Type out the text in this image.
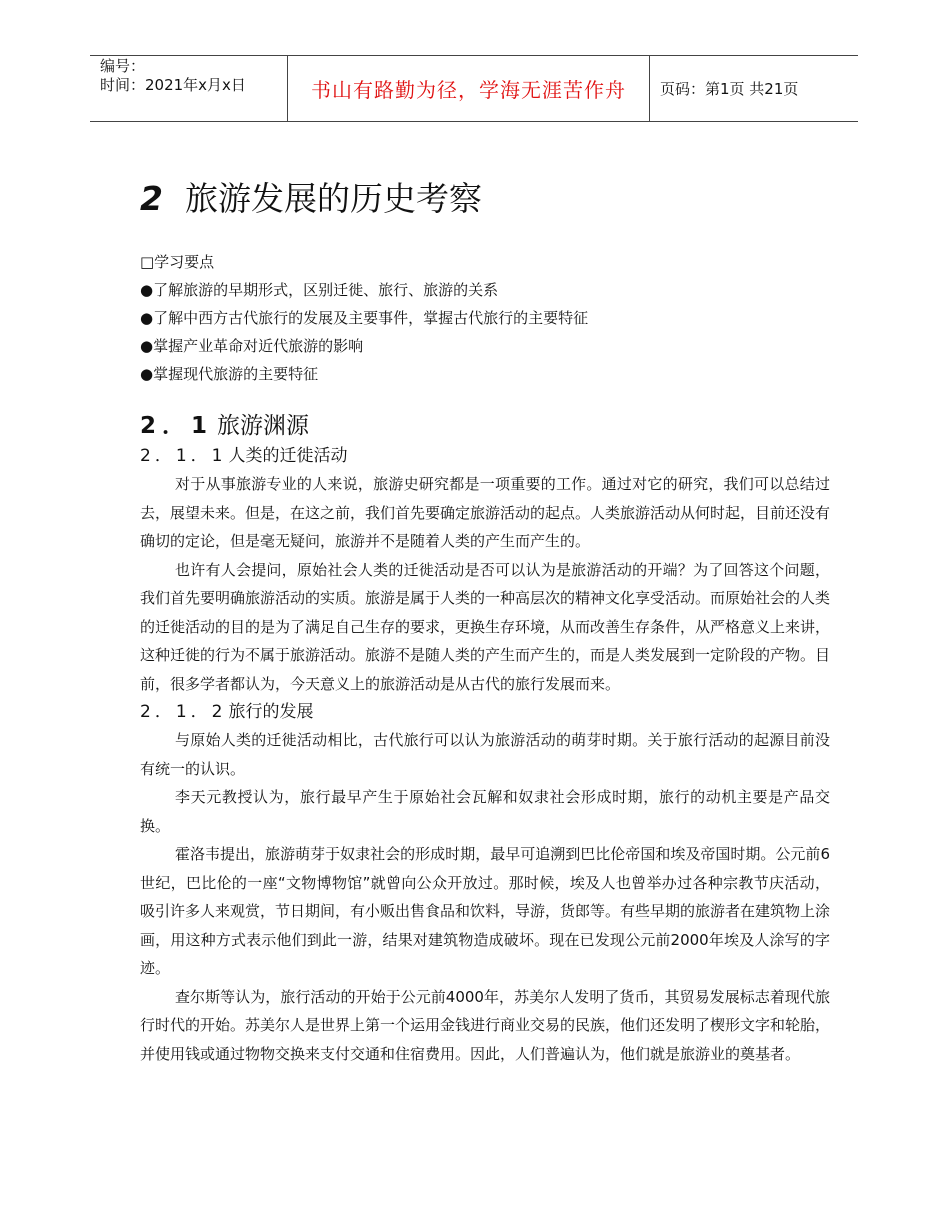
编号：
时间：2021年x月x日	书山有路勤为径，学海无涯苦作舟 页码：第1页 共21页
2 旅游发展的历史考察
□学习要点
●了解旅游的早期形式，区别迁徙、旅行、旅游的关系
●了解中西方古代旅行的发展及主要事件，掌握古代旅行的主要特征
●掌握产业革命对近代旅游的影响
●掌握现代旅游的主要特征
2．1 旅游渊源
2．1．1 人类的迁徙活动

对于从事旅游专业的人来说，旅游史研究都是一项重要的工作。通过对它的研究，我们可以总结过去，展望未来。但是，在这之前，我们首先要确定旅游活动的起点。人类旅游活动从何时起，目前还没有确切的定论，但是毫无疑问，旅游并不是随着人类的产生而产生的。

也许有人会提问，原始社会人类的迁徙活动是否可以认为是旅游活动的开端？为了回答这个问题，我们首先要明确旅游活动的实质。旅游是属于人类的一种高层次的精神文化享受活动。而原始社会的人类的迁徙活动的目的是为了满足自己生存的要求，更换生存环境，从而改善生存条件，从严格意义上来讲，这种迁徙的行为不属于旅游活动。旅游不是随人类的产生而产生的，而是人类发展到一定阶段的产物。目前，很多学者都认为，今天意义上的旅游活动是从古代的旅行发展而来。

2．1．2 旅行的发展

与原始人类的迁徙活动相比，古代旅行可以认为旅游活动的萌芽时期。关于旅行活动的起源目前没有统一的认识。

李天元教授认为，旅行最早产生于原始社会瓦解和奴隶社会形成时期，旅行的动机主要是产品交换。

霍洛韦提出，旅游萌芽于奴隶社会的形成时期，最早可追溯到巴比伦帝国和埃及帝国时期。公元前6世纪，巴比伦的一座“文物博物馆”就曾向公众开放过。那时候，埃及人也曾举办过各种宗教节庆活动，吸引许多人来观赏，节日期间，有小贩出售食品和饮料，导游，货郎等。有些早期的旅游者在建筑物上涂画，用这种方式表示他们到此一游，结果对建筑物造成破坏。现在已发现公元前2000年埃及人涂写的字迹。

查尔斯等认为，旅行活动的开始于公元前4000年，苏美尔人发明了货币，其贸易发展标志着现代旅行时代的开始。苏美尔人是世界上第一个运用金钱进行商业交易的民族，他们还发明了楔形文字和轮胎，并使用钱或通过物物交换来支付交通和住宿费用。因此，人们普遍认为，他们就是旅游业的奠基者。
